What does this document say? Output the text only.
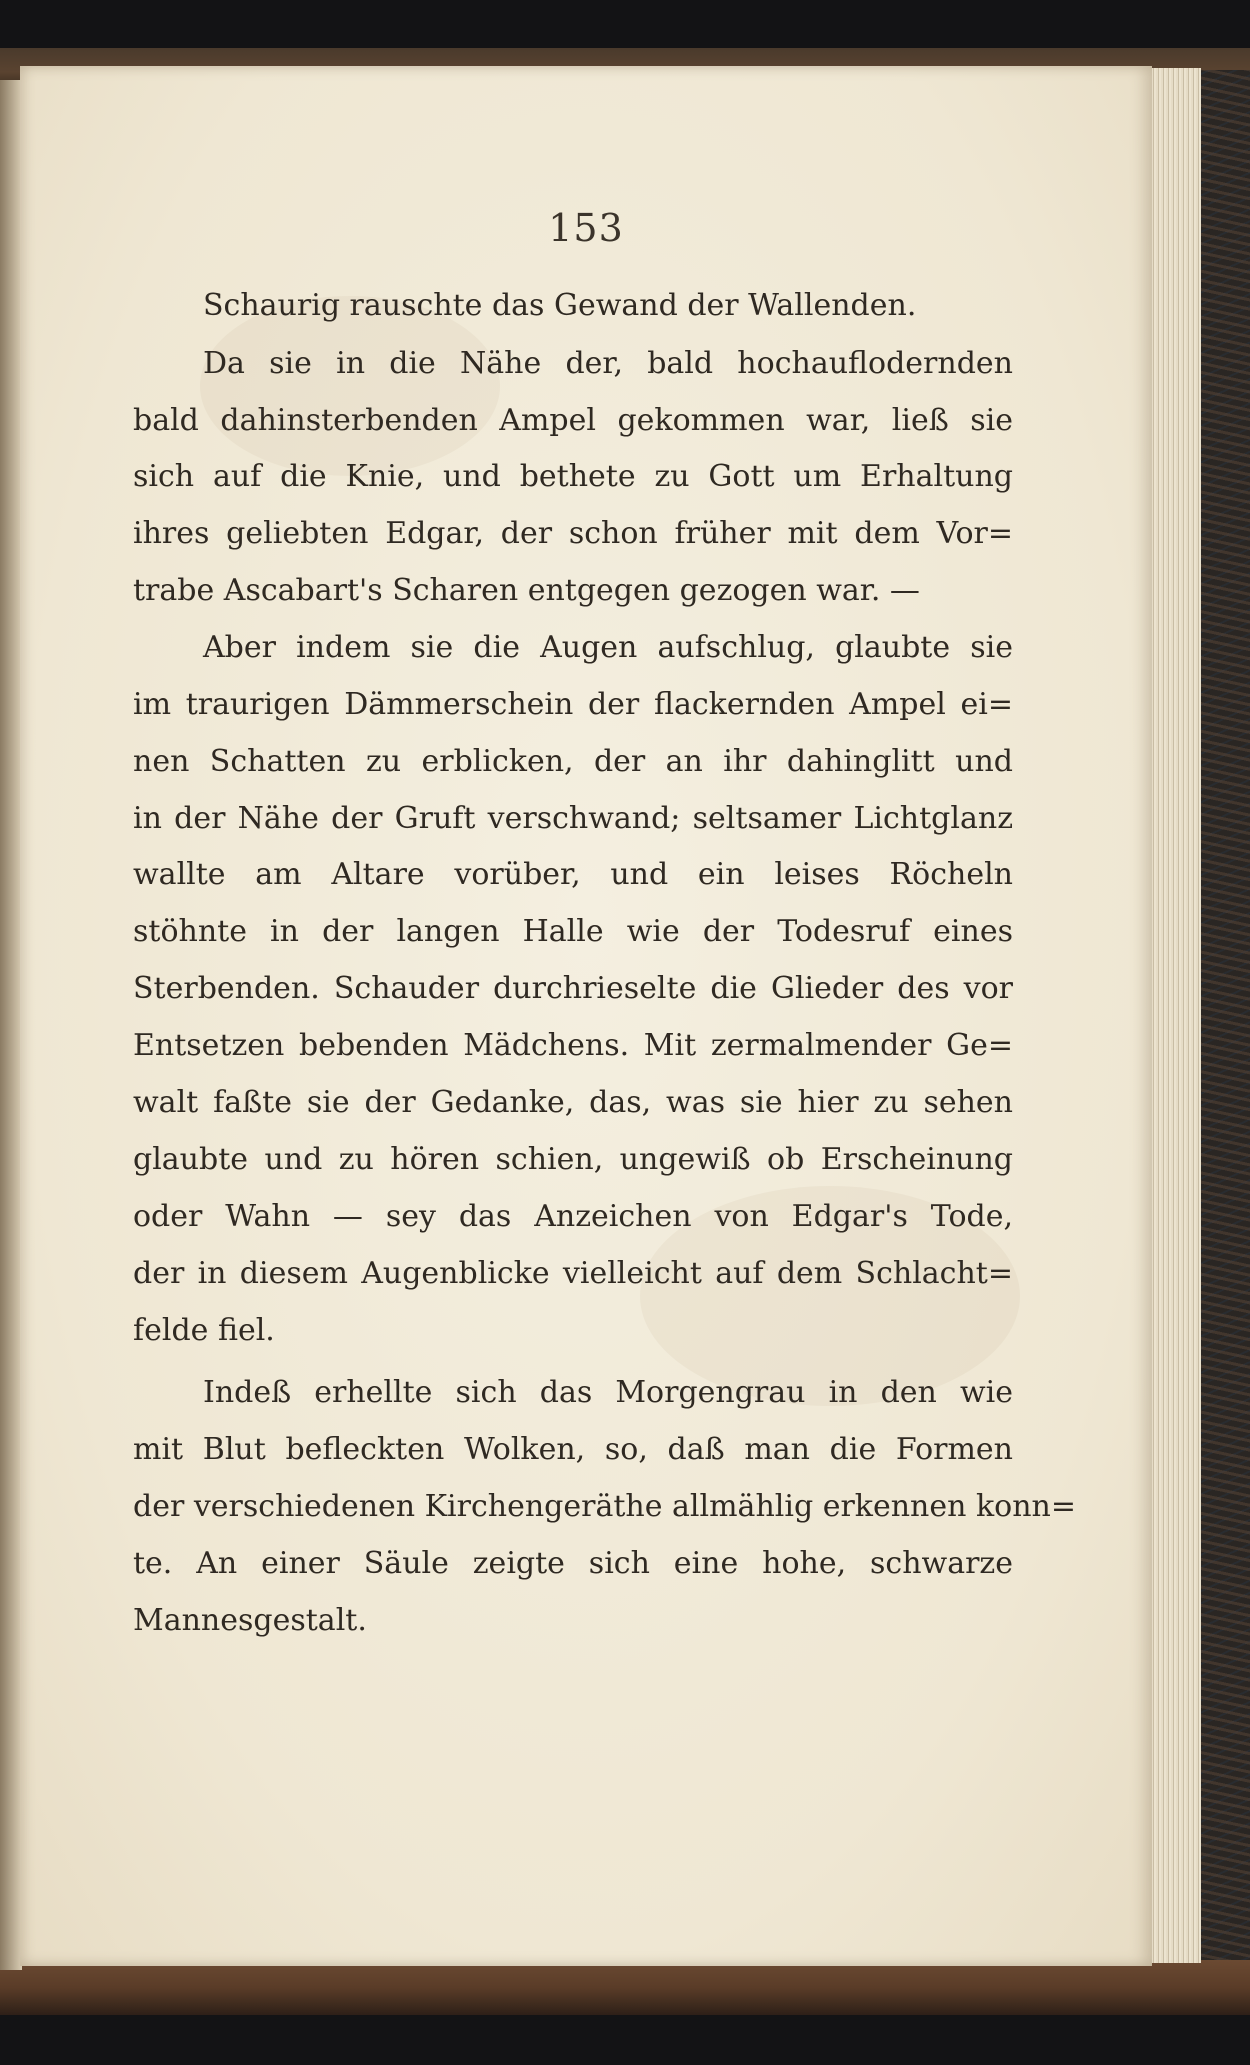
153
Schaurig rauschte das Gewand der Wallenden.
Da sie in die Nähe der, bald hochauflodernden
bald dahinsterbenden Ampel gekommen war, ließ sie
sich auf die Knie, und bethete zu Gott um Erhaltung
ihres geliebten Edgar, der schon früher mit dem Vor=
trabe Ascabart's Scharen entgegen gezogen war. —
Aber indem sie die Augen aufschlug, glaubte sie
im traurigen Dämmerschein der flackernden Ampel ei=
nen Schatten zu erblicken, der an ihr dahinglitt und
in der Nähe der Gruft verschwand; seltsamer Lichtglanz
wallte am Altare vorüber, und ein leises Röcheln
stöhnte in der langen Halle wie der Todesruf eines
Sterbenden. Schauder durchrieselte die Glieder des vor
Entsetzen bebenden Mädchens. Mit zermalmender Ge=
walt faßte sie der Gedanke, das, was sie hier zu sehen
glaubte und zu hören schien, ungewiß ob Erscheinung
oder Wahn — sey das Anzeichen von Edgar's Tode,
der in diesem Augenblicke vielleicht auf dem Schlacht=
felde fiel.
Indeß erhellte sich das Morgengrau in den wie
mit Blut befleckten Wolken, so, daß man die Formen
der verschiedenen Kirchengeräthe allmählig erkennen konn=
te. An einer Säule zeigte sich eine hohe, schwarze
Mannesgestalt.
